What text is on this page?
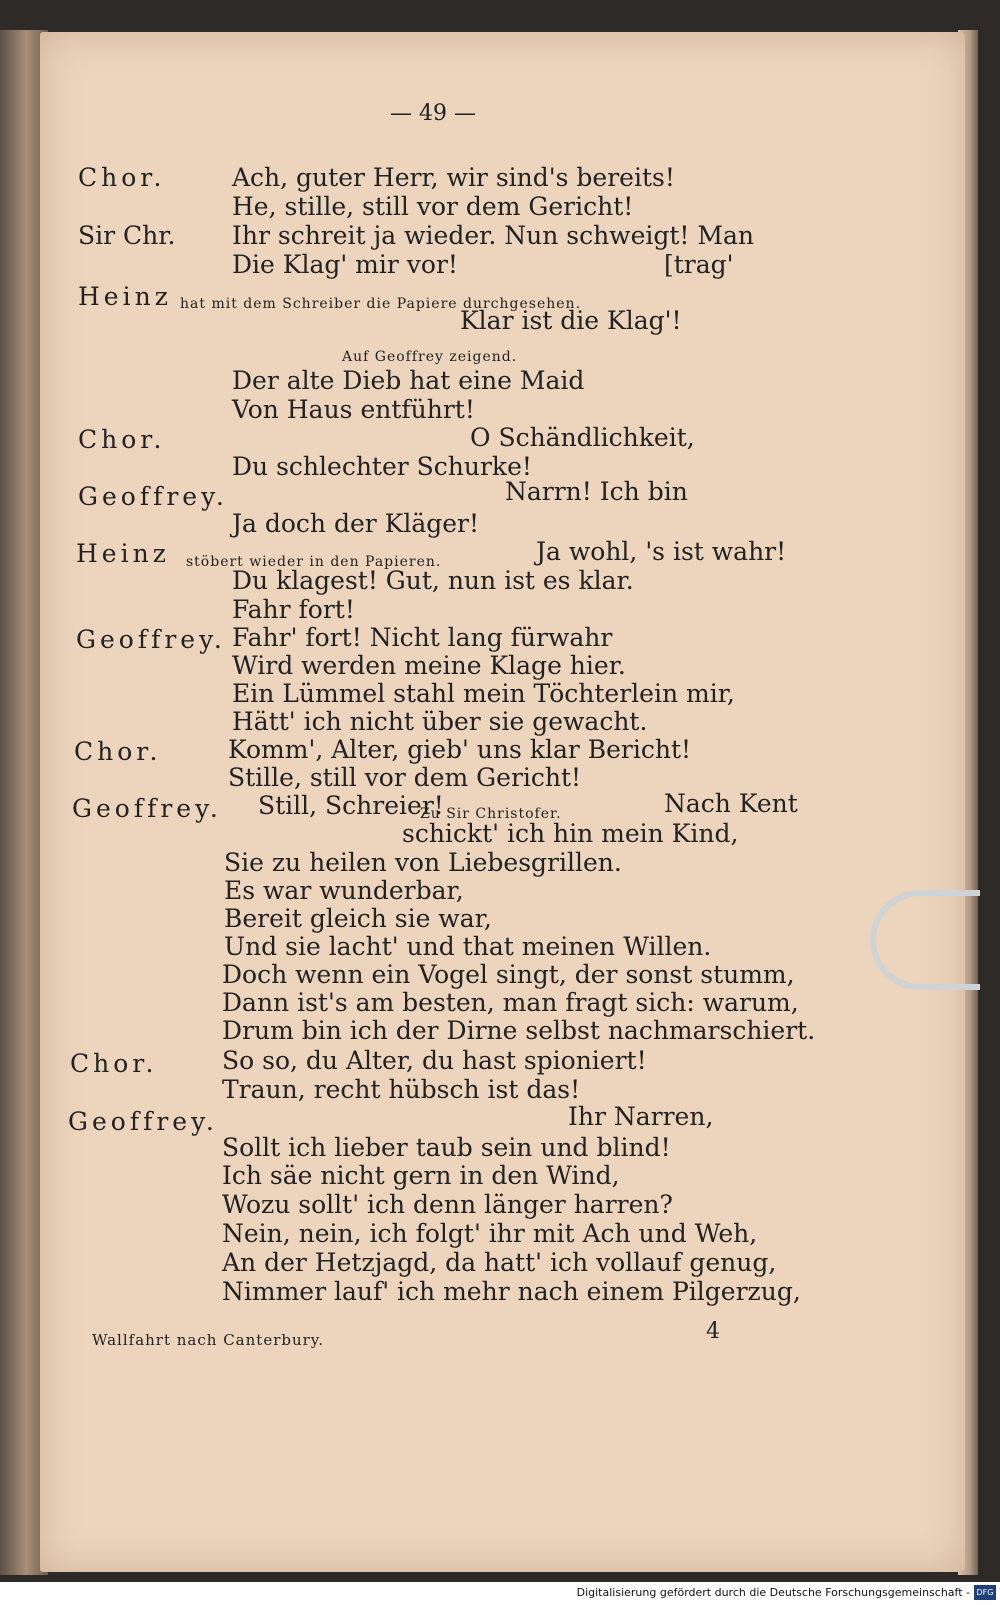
— 49 —
Chor.	Ach, guter Herr, wir sind's bereits!
He, stille, still vor dem Gericht!
Sir Chr. Ihr schreit ja wieder. Nun schweigt! Man
Die Klag' mir vor!	[trag'
Heinz hat mit dem Schreiber die Papiere durchgesehen.
Klar ist die Klag'!
Auf Geoffrey zeigend.
Der alte Dieb hat eine Maid
Von Haus entführt!
Chor.	O Schändlichkeit,
Du schlechter Schurke!
Geoffrey.	Narrn! Ich bin
Ja doch der Kläger!
Heinz stöbert wieder in den Papieren.	Ja wohl, 's ist wahr!
Du klagest! Gut, nun ist es klar.
Fahr fort!
Geoffrey. Fahr' fort! Nicht lang fürwahr
Wird werden meine Klage hier.
Ein Lümmel stahl mein Töchterlein mir,
Hätt' ich nicht über sie gewacht.
Chor.	Komm', Alter, gieb' uns klar Bericht!
Stille, still vor dem Gericht!
Geoffrey. Still, Schreier!
Zu Sir Christofer.	Nach Kent
schickt' ich hin mein Kind,
Sie zu heilen von Liebesgrillen.
Es war wunderbar,
Bereit gleich sie war,
Und sie lacht' und that meinen Willen.
Doch wenn ein Vogel singt, der sonst stumm,
Dann ist's am besten, man fragt sich: warum,
Drum bin ich der Dirne selbst nachmarschiert.
Chor.	So so, du Alter, du hast spioniert!
Traun, recht hübsch ist das!
Geoffrey.	Ihr Narren,
Sollt ich lieber taub sein und blind!
Ich säe nicht gern in den Wind,
Wozu sollt' ich denn länger harren?
Nein, nein, ich folgt' ihr mit Ach und Weh,
An der Hetzjagd, da hatt' ich vollauf genug,
Nimmer lauf' ich mehr nach einem Pilgerzug,
Wallfahrt nach Canterbury.	4
Digitalisierung gefördert durch die Deutsche Forschungsgemeinschaft - DFG
